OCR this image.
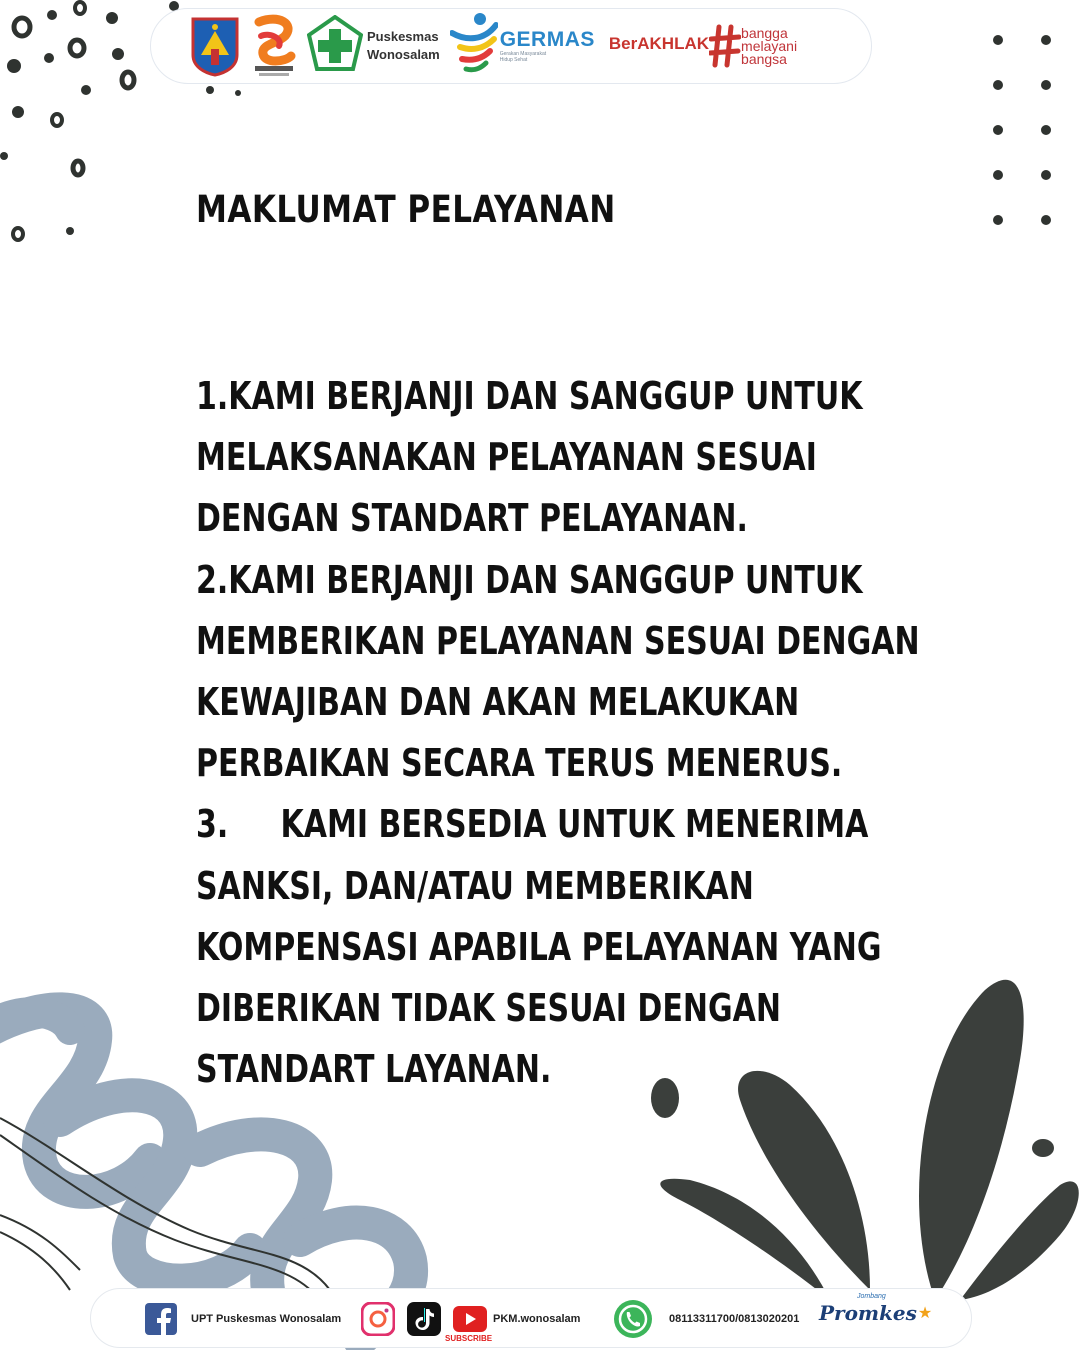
Puskesmas
Wonosalam
GERMAS
Gerakan Masyarakat
Hidup Sehat
BerAKHLAK

bangga
melayani
bangsa
MAKLUMAT PELAYANAN
1.KAMI BERJANJI DAN SANGGUP UNTUK
MELAKSANAKAN PELAYANAN SESUAI
DENGAN STANDART PELAYANAN.
2.KAMI BERJANJI DAN SANGGUP UNTUK
MEMBERIKAN PELAYANAN SESUAI DENGAN
KEWAJIBAN DAN AKAN MELAKUKAN
PERBAIKAN SECARA TERUS MENERUS.
3.     KAMI BERSEDIA UNTUK MENERIMA
SANKSI, DAN/ATAU MEMBERIKAN
KOMPENSASI APABILA PELAYANAN YANG
DIBERIKAN TIDAK SESUAI DENGAN
STANDART LAYANAN.
UPT Puskesmas Wonosalam	PKM.wonosalam
SUBSCRIBE
08113311700/0813020201
Jombang
Promkes ★
